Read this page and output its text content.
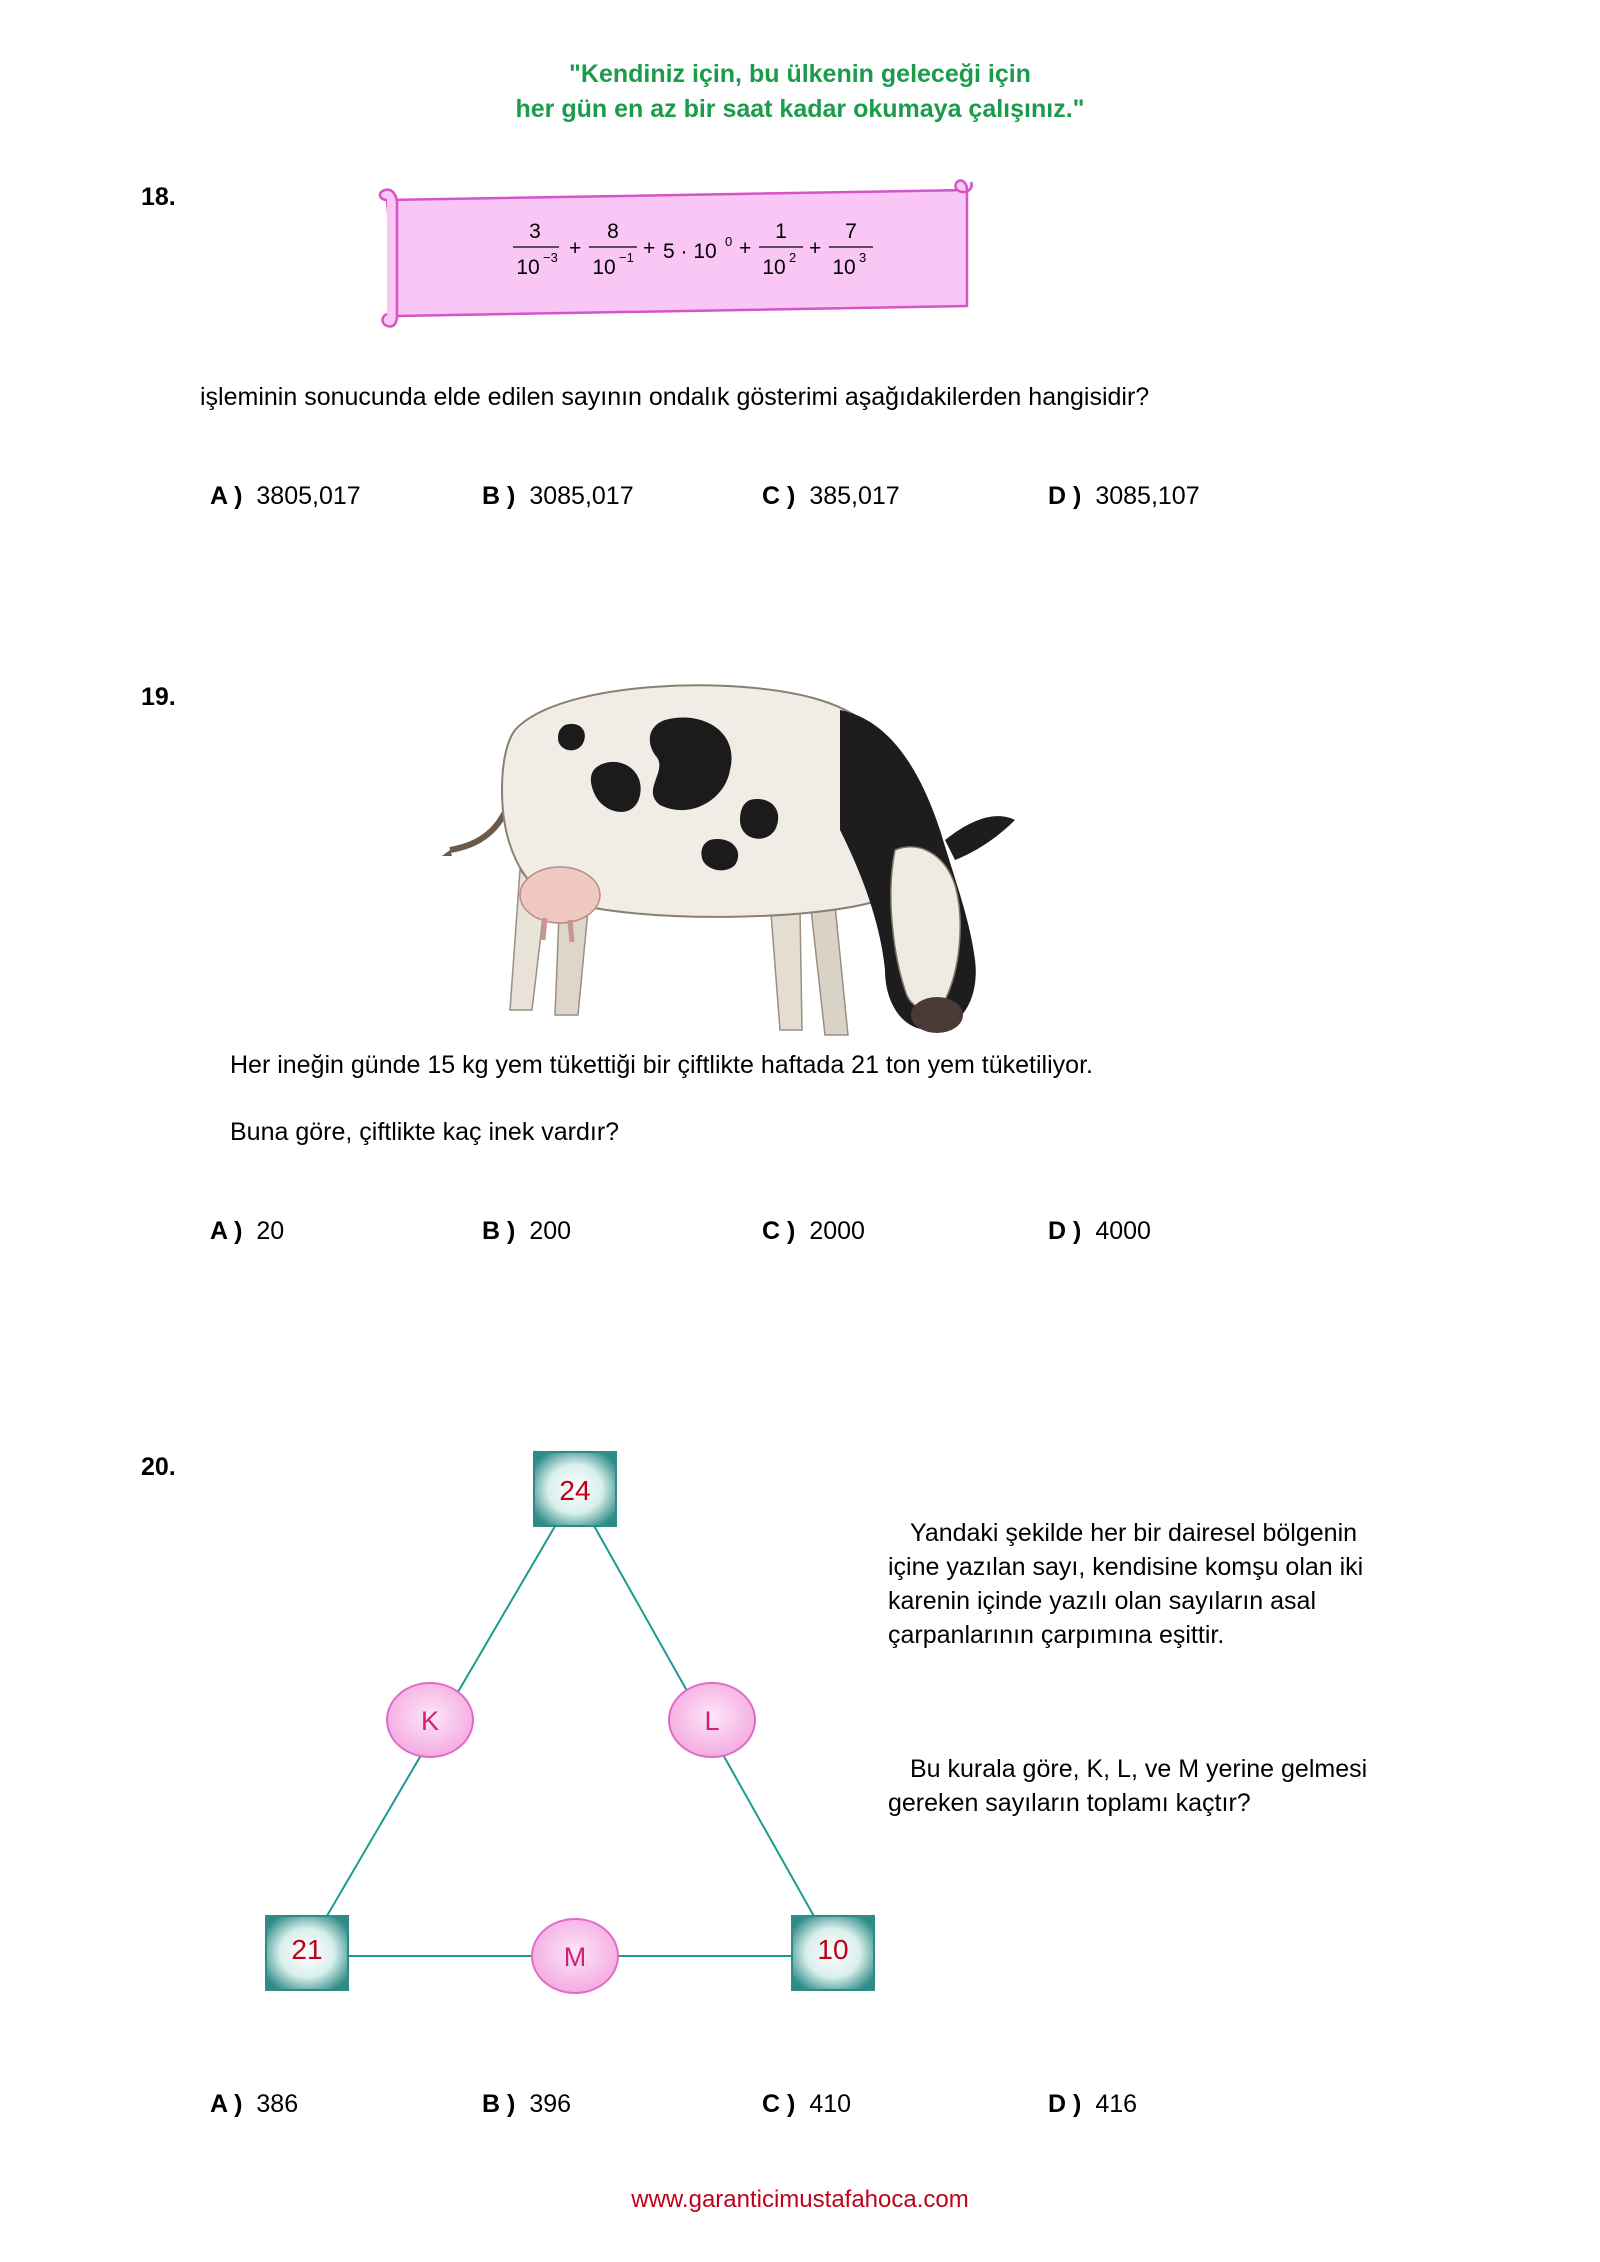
"Kendiniz için, bu ülkenin geleceği için
her gün en az bir saat kadar okumaya çalışınız."
18.
3
10 −3 +
8
10 −1 + 5 · 10 0 +
1
10 2 +
7
10 3
işleminin sonucunda elde edilen sayının ondalık gösterimi aşağıdakilerden hangisidir?
A ) 3805,017	B ) 3085,017	C ) 385,017	D ) 3085,107
19.
Her ineğin günde 15 kg yem tükettiği bir çiftlikte haftada 21 ton yem tüketiliyor.
Buna göre, çiftlikte kaç inek vardır?
A ) 20	B ) 200	C ) 2000	D ) 4000
20.
24
21	10
K	L
M
Yandaki şekilde her bir dairesel bölgenin
içine yazılan sayı, kendisine komşu olan iki
karenin içinde yazılı olan sayıların asal
çarpanlarının çarpımına eşittir.
Bu kurala göre, K, L, ve M yerine gelmesi
gereken sayıların toplamı kaçtır?
A ) 386	B ) 396	C ) 410	D ) 416
www.garanticimustafahoca.com
